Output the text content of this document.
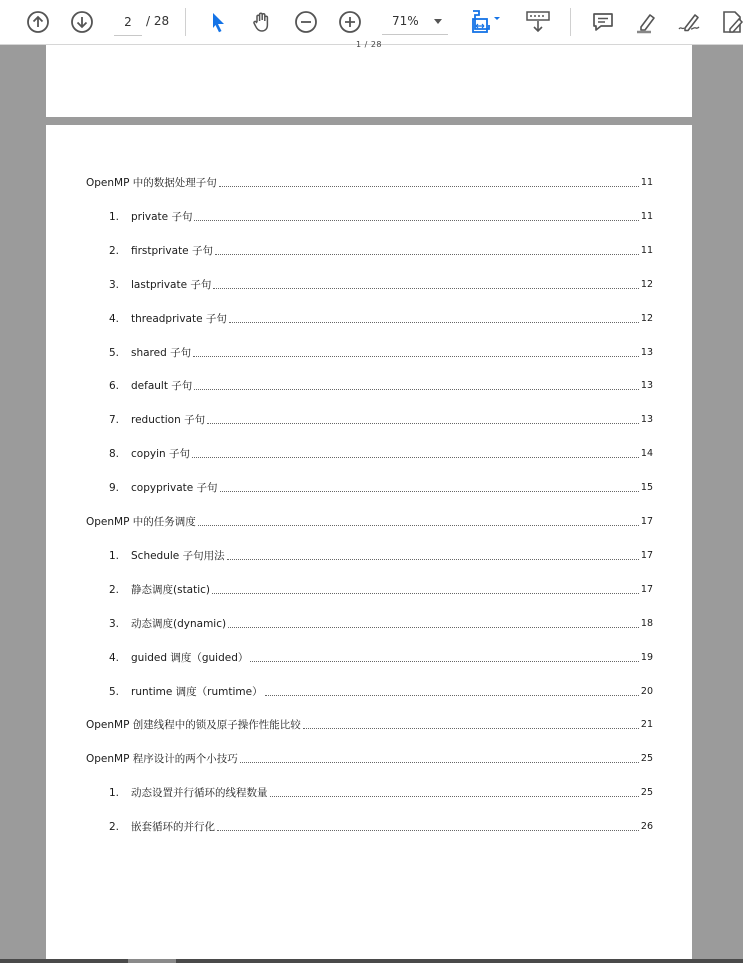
2
/ 28	71%
1 / 28
OpenMP 中的数据处理子句	11
1.	private 子句	11
2.	firstprivate 子句	11
3.	lastprivate 子句	12
4.	threadprivate 子句	12
5.	shared 子句	13
6.	default 子句	13
7.	reduction 子句	13
8.	copyin 子句	14
9.	copyprivate 子句	15
OpenMP 中的任务调度	17
1.	Schedule 子句用法	17
2.	静态调度(static)	17
3.	动态调度(dynamic)	18
4.	guided 调度（guided）	19
5.	runtime 调度（rumtime）	20
OpenMP 创建线程中的锁及原子操作性能比较	21
OpenMP 程序设计的两个小技巧	25
1.	动态设置并行循环的线程数量	25
2.	嵌套循环的并行化	26
